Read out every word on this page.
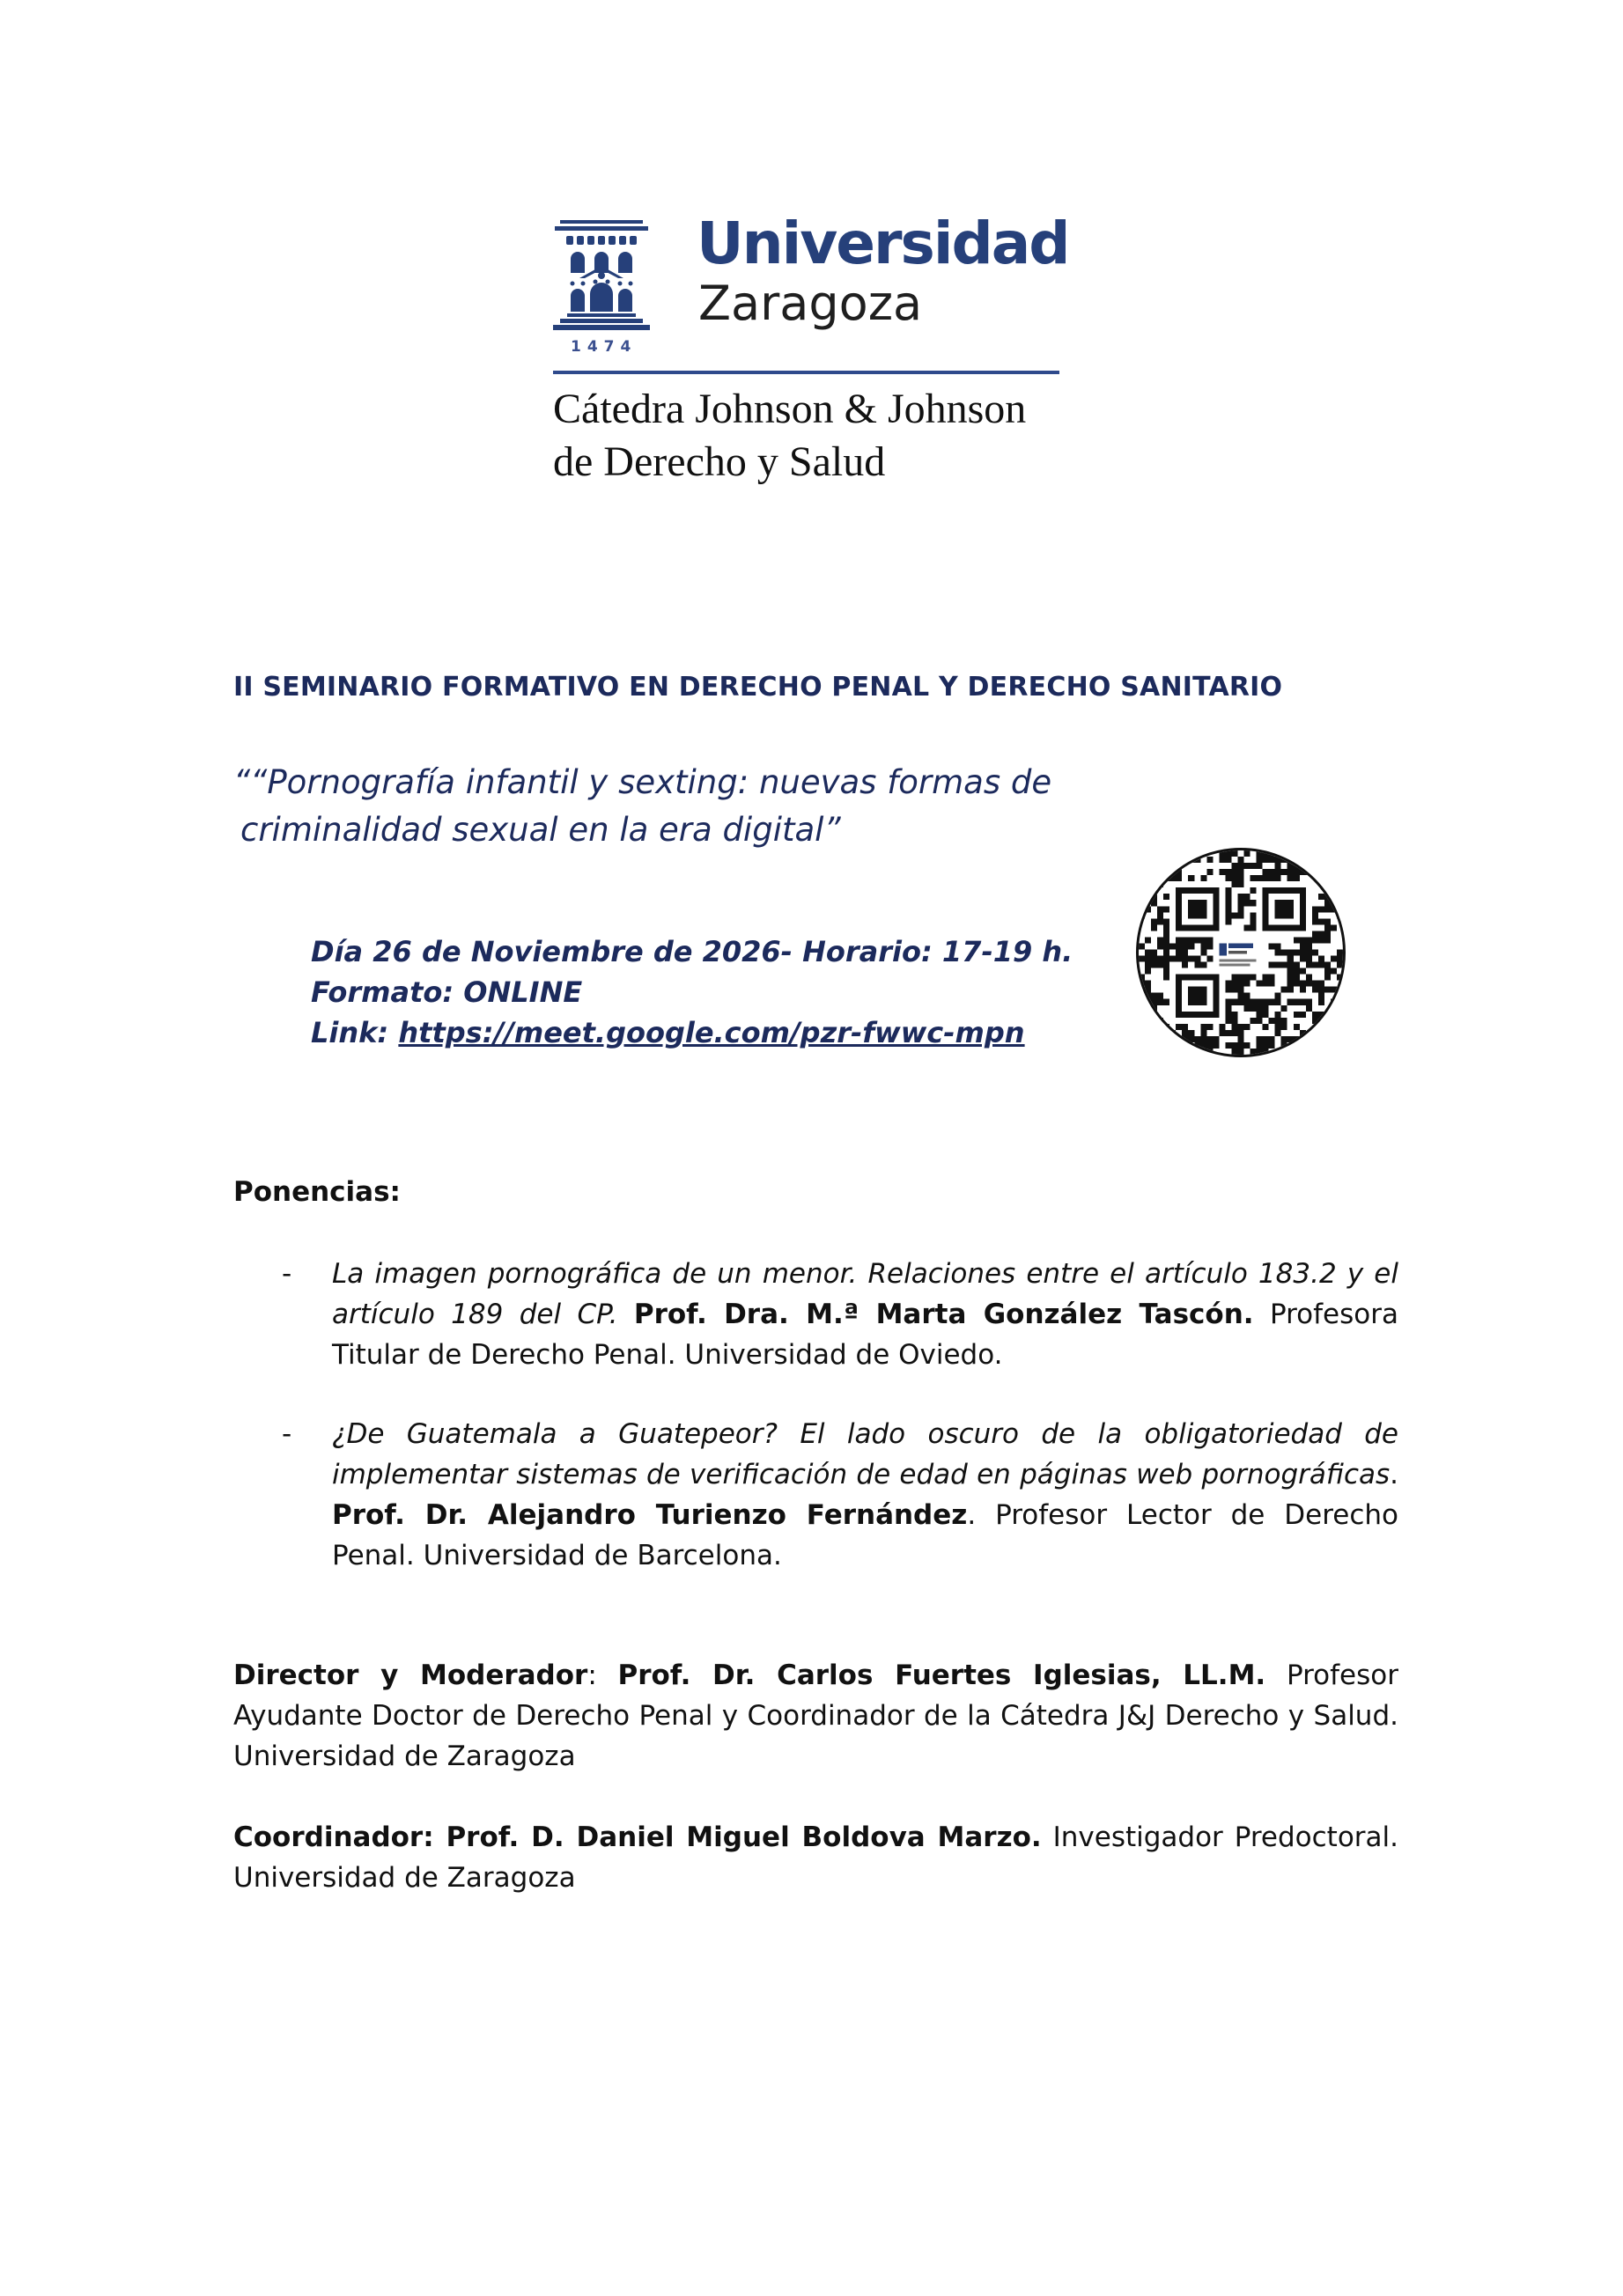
1474
Universidad
Zaragoza
Cátedra Johnson & Johnson
de Derecho y Salud
II SEMINARIO FORMATIVO EN DERECHO PENAL Y DERECHO SANITARIO
““Pornografía infantil y sexting: nuevas formas de
criminalidad sexual en la era digital”
Día 26 de Noviembre de 2026- Horario: 17-19 h.
Formato: ONLINE
Link: https://meet.google.com/pzr-fwwc-mpn
Ponencias:
- La imagen pornográfica de un menor. Relaciones entre el artículo 183.2 y el artículo 189 del CP. Prof. Dra. M.ª Marta González Tascón. Profesora Titular de Derecho Penal. Universidad de Oviedo.
- ¿De Guatemala a Guatepeor? El lado oscuro de la obligatoriedad de implementar sistemas de verificación de edad en páginas web pornográficas. Prof. Dr. Alejandro Turienzo Fernández. Profesor Lector de Derecho Penal. Universidad de Barcelona.
Director y Moderador: Prof. Dr. Carlos Fuertes Iglesias, LL.M. Profesor Ayudante Doctor de Derecho Penal y Coordinador de la Cátedra J&J Derecho y Salud. Universidad de Zaragoza
Coordinador: Prof. D. Daniel Miguel Boldova Marzo. Investigador Predoctoral. Universidad de Zaragoza
